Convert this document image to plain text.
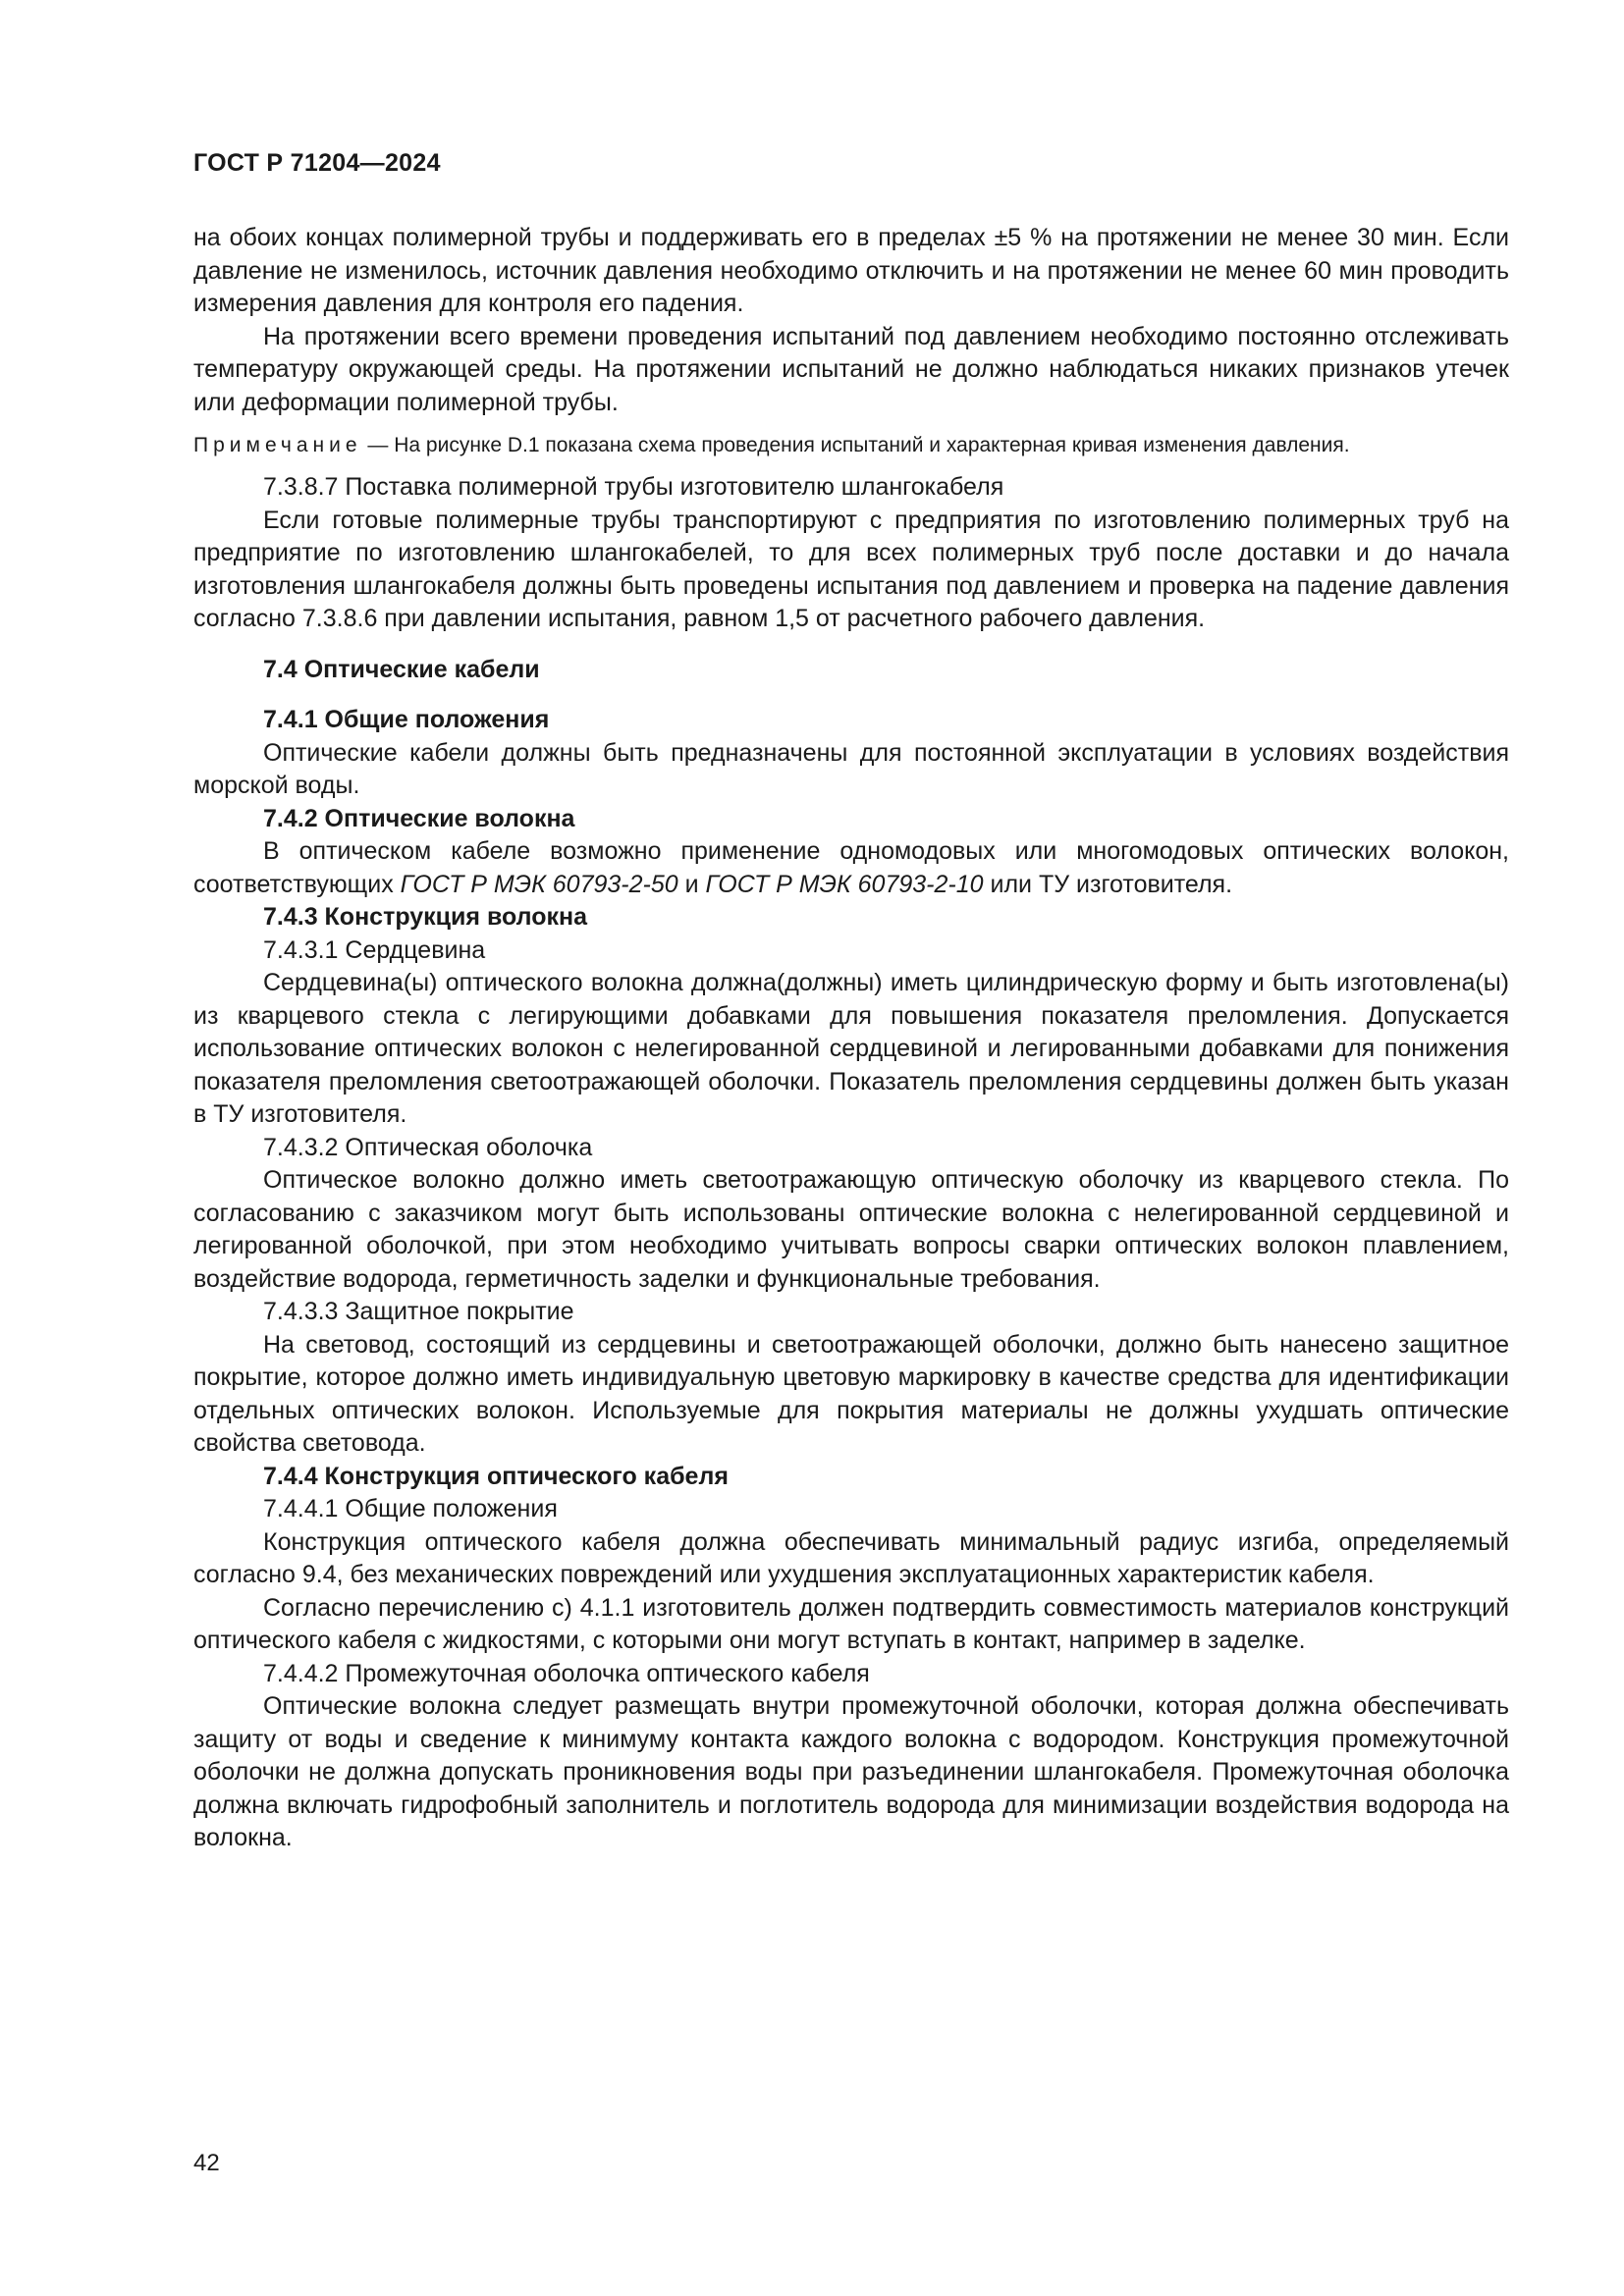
ГОСТ Р 71204—2024

на обоих концах полимерной трубы и поддерживать его в пределах ±5 % на протяжении не менее 30 мин. Если давление не изменилось, источник давления необходимо отключить и на протяжении не менее 60 мин проводить измерения давления для контроля его падения.

На протяжении всего времени проведения испытаний под давлением необходимо постоянно отслеживать температуру окружающей среды. На протяжении испытаний не должно наблюдаться никаких признаков утечек или деформации полимерной трубы.

Примечание — На рисунке D.1 показана схема проведения испытаний и характерная кривая изменения давления.

7.3.8.7 Поставка полимерной трубы изготовителю шлангокабеля

Если готовые полимерные трубы транспортируют с предприятия по изготовлению полимерных труб на предприятие по изготовлению шлангокабелей, то для всех полимерных труб после доставки и до начала изготовления шлангокабеля должны быть проведены испытания под давлением и проверка на падение давления согласно 7.3.8.6 при давлении испытания, равном 1,5 от расчетного рабочего давления.

7.4 Оптические кабели

7.4.1 Общие положения

Оптические кабели должны быть предназначены для постоянной эксплуатации в условиях воздействия морской воды.

7.4.2 Оптические волокна

В оптическом кабеле возможно применение одномодовых или многомодовых оптических волокон, соответствующих ГОСТ Р МЭК 60793-2-50 и ГОСТ Р МЭК 60793-2-10 или ТУ изготовителя.

7.4.3 Конструкция волокна

7.4.3.1 Сердцевина

Сердцевина(ы) оптического волокна должна(должны) иметь цилиндрическую форму и быть изготовлена(ы) из кварцевого стекла с легирующими добавками для повышения показателя преломления. Допускается использование оптических волокон с нелегированной сердцевиной и легированными добавками для понижения показателя преломления светоотражающей оболочки. Показатель преломления сердцевины должен быть указан в ТУ изготовителя.

7.4.3.2 Оптическая оболочка

Оптическое волокно должно иметь светоотражающую оптическую оболочку из кварцевого стекла. По согласованию с заказчиком могут быть использованы оптические волокна с нелегированной сердцевиной и легированной оболочкой, при этом необходимо учитывать вопросы сварки оптических волокон плавлением, воздействие водорода, герметичность заделки и функциональные требования.

7.4.3.3 Защитное покрытие

На световод, состоящий из сердцевины и светоотражающей оболочки, должно быть нанесено защитное покрытие, которое должно иметь индивидуальную цветовую маркировку в качестве средства для идентификации отдельных оптических волокон. Используемые для покрытия материалы не должны ухудшать оптические свойства световода.

7.4.4 Конструкция оптического кабеля

7.4.4.1 Общие положения

Конструкция оптического кабеля должна обеспечивать минимальный радиус изгиба, определяемый согласно 9.4, без механических повреждений или ухудшения эксплуатационных характеристик кабеля.

Согласно перечислению с) 4.1.1 изготовитель должен подтвердить совместимость материалов конструкций оптического кабеля с жидкостями, с которыми они могут вступать в контакт, например в заделке.

7.4.4.2 Промежуточная оболочка оптического кабеля

Оптические волокна следует размещать внутри промежуточной оболочки, которая должна обеспечивать защиту от воды и сведение к минимуму контакта каждого волокна с водородом. Конструкция промежуточной оболочки не должна допускать проникновения воды при разъединении шлангокабеля. Промежуточная оболочка должна включать гидрофобный заполнитель и поглотитель водорода для минимизации воздействия водорода на волокна.

42
